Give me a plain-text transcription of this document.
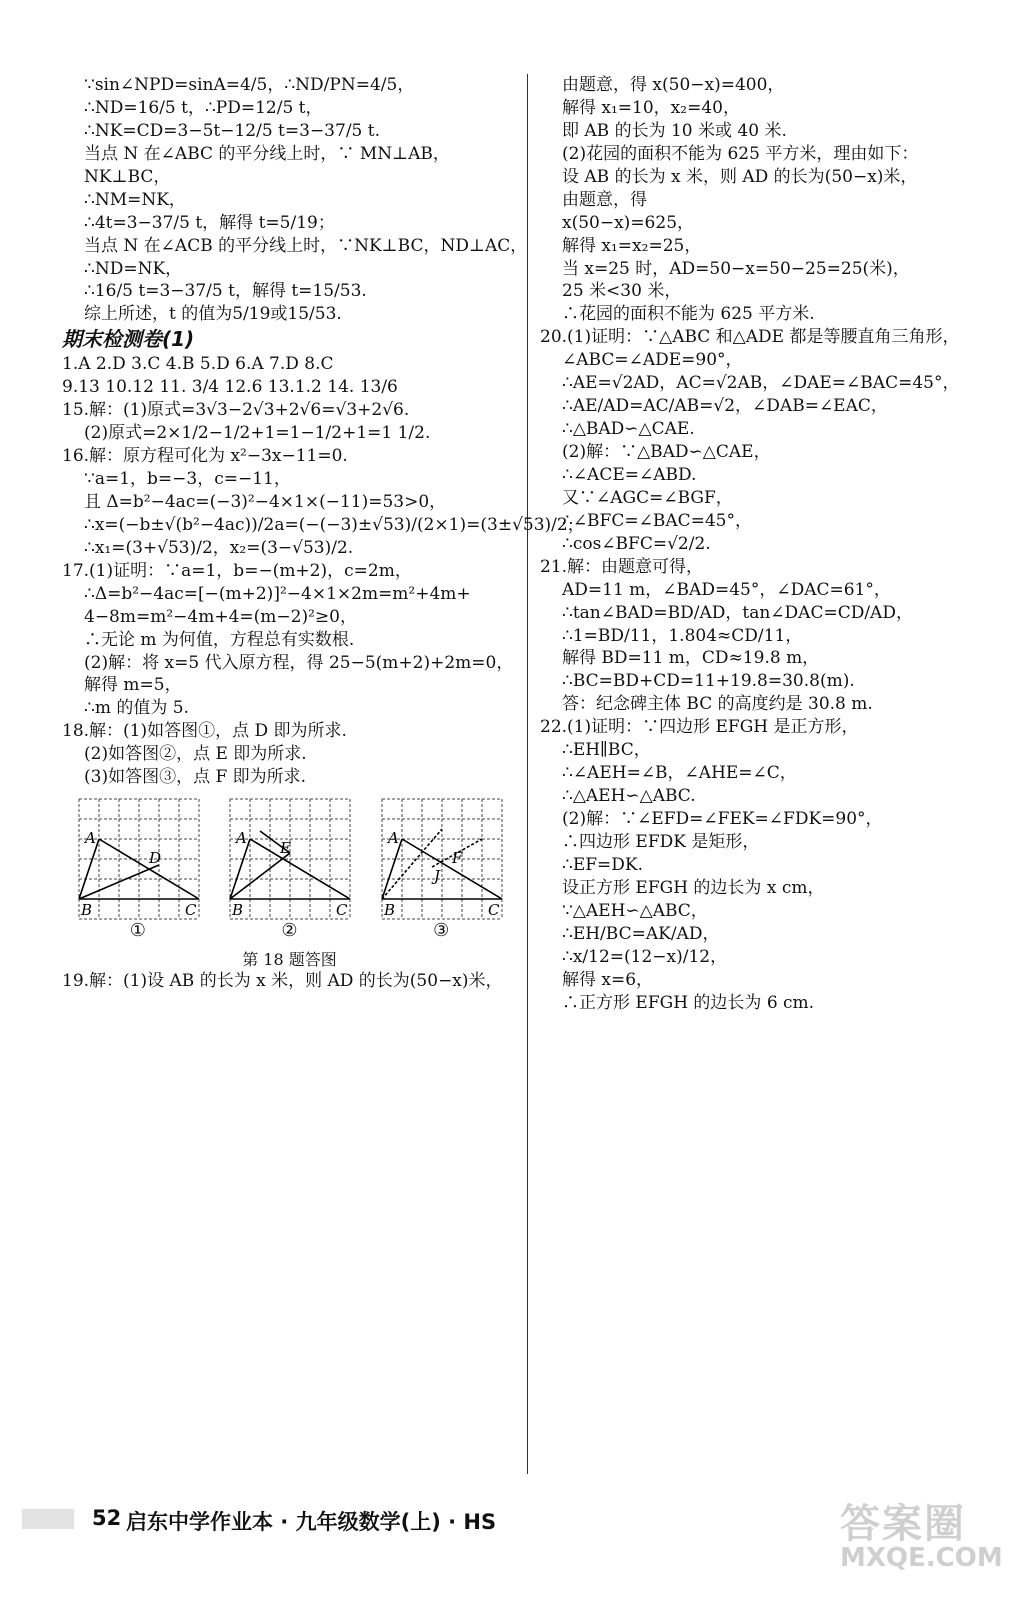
∵sin∠NPD=sinA=4/5，∴ND/PN=4/5，
∴ND=16/5 t，∴PD=12/5 t，
∴NK=CD=3−5t−12/5 t=3−37/5 t.
当点 N 在∠ABC 的平分线上时，∵ MN⊥AB，
NK⊥BC，
∴NM=NK，
∴4t=3−37/5 t，解得 t=5/19；
当点 N 在∠ACB 的平分线上时，∵NK⊥BC，ND⊥AC，
∴ND=NK，
∴16/5 t=3−37/5 t，解得 t=15/53.
综上所述，t 的值为5/19或15/53.
期末检测卷(1)
1.A 2.D 3.C 4.B 5.D 6.A 7.D 8.C
9.13 10.12 11. 3/4 12.6 13.1.2 14. 13/6
15.解：(1)原式=3√3−2√3+2√6=√3+2√6.
(2)原式=2×1/2−1/2+1=1−1/2+1=1 1/2.
16.解：原方程可化为 x²−3x−11=0.
∵a=1，b=−3，c=−11，
且 Δ=b²−4ac=(−3)²−4×1×(−11)=53>0，
∴x=(−b±√(b²−4ac))/2a=(−(−3)±√53)/(2×1)=(3±√53)/2，
∴x₁=(3+√53)/2，x₂=(3−√53)/2.
17.(1)证明：∵a=1，b=−(m+2)，c=2m，
∴Δ=b²−4ac=[−(m+2)]²−4×1×2m=m²+4m+
4−8m=m²−4m+4=(m−2)²≥0，
∴无论 m 为何值，方程总有实数根.
(2)解：将 x=5 代入原方程，得 25−5(m+2)+2m=0，
解得 m=5，
∴m 的值为 5.
18.解：(1)如答图①，点 D 即为所求.
(2)如答图②，点 E 即为所求.
(3)如答图③，点 F 即为所求.
A
B	C
D
①
A
B	C
E
②
A
B	C
F
J
③
第 18 题答图
19.解：(1)设 AB 的长为 x 米，则 AD 的长为(50−x)米，
由题意，得 x(50−x)=400，
解得 x₁=10，x₂=40，
即 AB 的长为 10 米或 40 米.
(2)花园的面积不能为 625 平方米，理由如下：
设 AB 的长为 x 米，则 AD 的长为(50−x)米，
由题意，得
x(50−x)=625，
解得 x₁=x₂=25，
当 x=25 时，AD=50−x=50−25=25(米)，
25 米<30 米，
∴花园的面积不能为 625 平方米.
20.(1)证明：∵△ABC 和△ADE 都是等腰直角三角形，
∠ABC=∠ADE=90°，
∴AE=√2AD，AC=√2AB，∠DAE=∠BAC=45°，
∴AE/AD=AC/AB=√2，∠DAB=∠EAC，
∴△BAD∽△CAE.
(2)解：∵△BAD∽△CAE，
∴∠ACE=∠ABD.
又∵∠AGC=∠BGF，
∴∠BFC=∠BAC=45°，
∴cos∠BFC=√2/2.
21.解：由题意可得，
AD=11 m，∠BAD=45°，∠DAC=61°，
∴tan∠BAD=BD/AD，tan∠DAC=CD/AD，
∴1=BD/11，1.804≈CD/11，
解得 BD=11 m，CD≈19.8 m，
∴BC=BD+CD=11+19.8=30.8(m).
答：纪念碑主体 BC 的高度约是 30.8 m.
22.(1)证明：∵四边形 EFGH 是正方形，
∴EH∥BC，
∴∠AEH=∠B，∠AHE=∠C，
∴△AEH∽△ABC.
(2)解：∵∠EFD=∠FEK=∠FDK=90°，
∴四边形 EFDK 是矩形，
∴EF=DK.
设正方形 EFGH 的边长为 x cm，
∵△AEH∽△ABC，
∴EH/BC=AK/AD，
∴x/12=(12−x)/12，
解得 x=6，
∴正方形 EFGH 的边长为 6 cm.
52 启东中学作业本 · 九年级数学(上) · HS	答案圈
MXQE.COM
